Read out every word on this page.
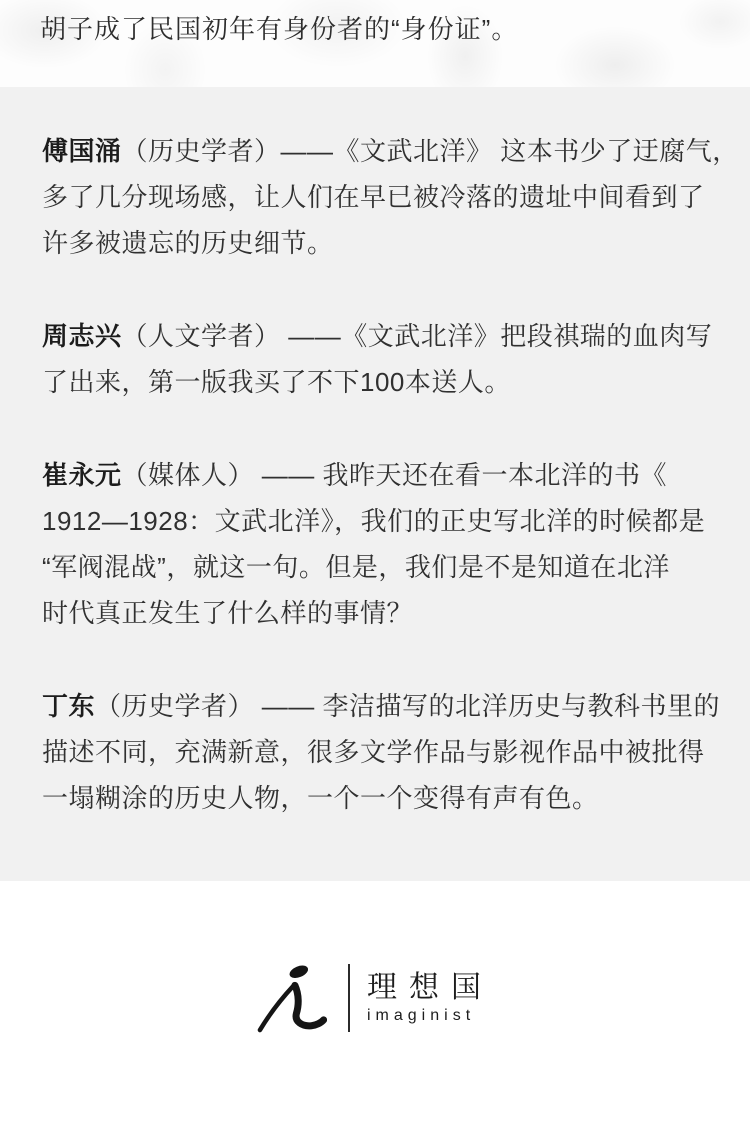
胡子成了民国初年有身份者的“身份证”。

傅国涌（历史学者）——《文武北洋》 这本书少了迂腐气，
多了几分现场感，让人们在早已被冷落的遗址中间看到了
许多被遗忘的历史细节。

周志兴（人文学者） ——《文武北洋》把段祺瑞的血肉写
了出来，第一版我买了不下100本送人。

崔永元（媒体人） —— 我昨天还在看一本北洋的书《
1912—1928：文武北洋》，我们的正史写北洋的时候都是
“军阀混战”，就这一句。但是，我们是不是知道在北洋
时代真正发生了什么样的事情？

丁东（历史学者） —— 李洁描写的北洋历史与教科书里的
描述不同，充满新意，很多文学作品与影视作品中被批得
一塌糊涂的历史人物，一个一个变得有声有色。

理想国
imaginist
